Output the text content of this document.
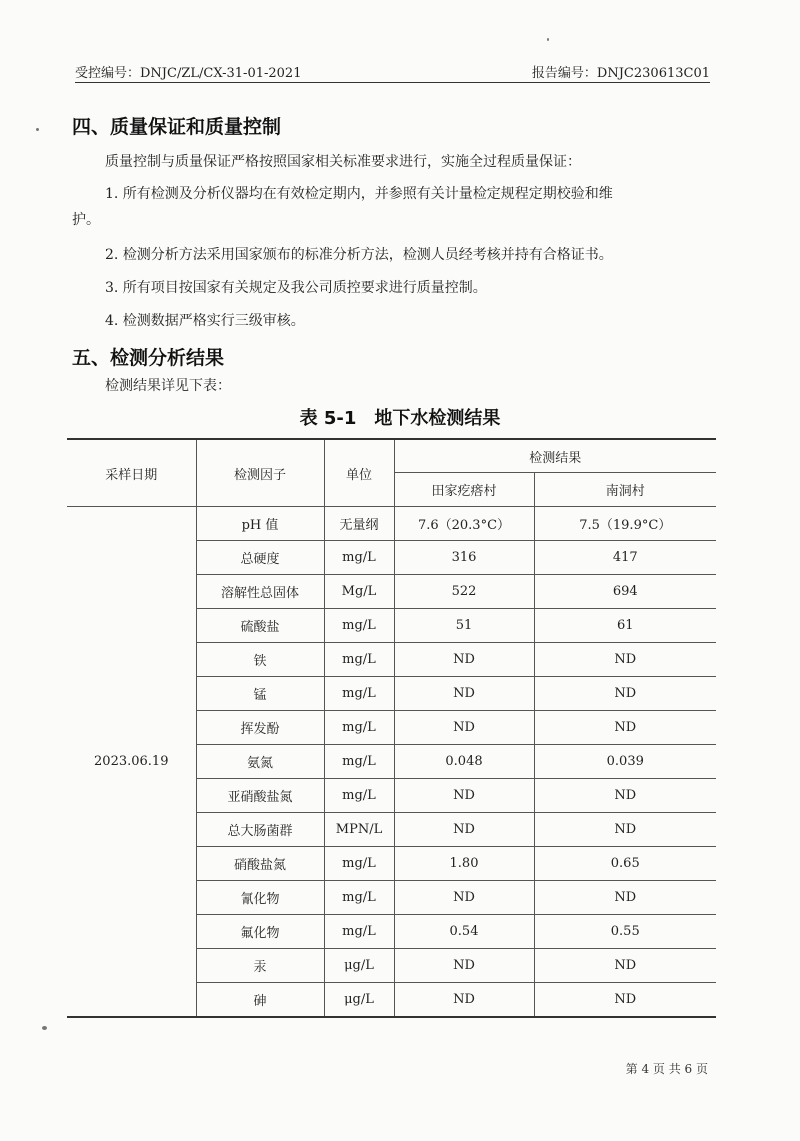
受控编号：DNJC/ZL/CX-31-01-2021	报告编号：DNJC230613C01
四、质量保证和质量控制
质量控制与质量保证严格按照国家相关标准要求进行，实施全过程质量保证：
1. 所有检测及分析仪器均在有效检定期内，并参照有关计量检定规程定期校验和维
护。
2. 检测分析方法采用国家颁布的标准分析方法，检测人员经考核并持有合格证书。
3. 所有项目按国家有关规定及我公司质控要求进行质量控制。
4. 检测数据严格实行三级审核。
五、检测分析结果
检测结果详见下表：
表 5-1　地下水检测结果
采样日期	检测因子	单位	检测结果	
			田家疙瘩村	南洞村
2023.06.19	pH 值	无量纲	7.6（20.3°C）	7.5（19.9°C）
	总硬度	mg/L	316	417
	溶解性总固体	Mg/L	522	694
	硫酸盐	mg/L	51	61
	铁	mg/L	ND	ND
	锰	mg/L	ND	ND
	挥发酚	mg/L	ND	ND
	氨氮	mg/L	0.048	0.039
	亚硝酸盐氮	mg/L	ND	ND
	总大肠菌群	MPN/L	ND	ND
	硝酸盐氮	mg/L	1.80	0.65
	氰化物	mg/L	ND	ND
	氟化物	mg/L	0.54	0.55
	汞	μg/L	ND	ND
	砷	μg/L	ND	ND
第 4 页 共 6 页
